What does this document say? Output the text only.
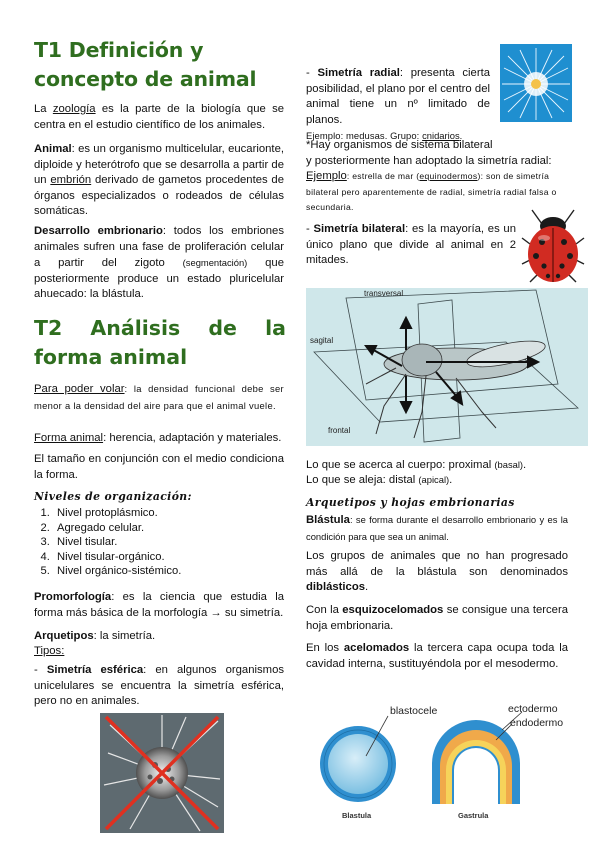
T1 Definición y concepto de animal

La zoología es la parte de la biología que se centra en el estudio científico de los animales.

Animal: es un organismo multicelular, eucarionte, diploide y heterótrofo que se desarrolla a partir de un embrión derivado de gametos procedentes de órganos especializados o rodeados de células somáticas.

Desarrollo embrionario: todos los embriones animales sufren una fase de proliferación celular a partir del zigoto (segmentación) que posteriormente produce un estado pluricelular ahuecado: la blástula.

T2 Análisis de la forma animal

Para poder volar: la densidad funcional debe ser menor a la densidad del aire para que el animal vuele.

Forma animal: herencia, adaptación y materiales.

El tamaño en conjunción con el medio condiciona la forma.

Niveles de organización:
1. Nivel protoplásmico.
2. Agregado celular.
3. Nivel tisular.
4. Nivel tisular-orgánico.
5. Nivel orgánico-sistémico.

Promorfología: es la ciencia que estudia la forma más básica de la morfología → su simetría.

Arquetipos: la simetría.

Tipos:

- Simetría esférica: en algunos organismos unicelulares se encuentra la simetría esférica, pero no en animales.

- Simetría radial: presenta cierta posibilidad, el plano por el centro del animal tiene un nº limitado de planos.
Ejemplo: medusas. Grupo: cnidarios.

*Hay organismos de sistema bilateral
y posteriormente han adoptado la simetría radial:
Ejemplo: estrella de mar (equinodermos): son de simetría bilateral pero aparentemente de radial, simetría radial falsa o secundaria.

- Simetría bilateral: es la mayoría, es un único plano que divide al animal en 2 mitades.

transversal
sagital
frontal

Lo que se acerca al cuerpo: proximal (basal).

Lo que se aleja: distal (apical).

Arquetipos y hojas embrionarias

Blástula: se forma durante el desarrollo embrionario y es la condición para que sea un animal.

Los grupos de animales que no han progresado más allá de la blástula son denominados diblásticos.

Con la esquizocelomados se consigue una tercera hoja embrionaria.

En los acelomados la tercera capa ocupa toda la cavidad interna, sustituyéndola por el mesodermo.

blastocele	ectodermo
endodermo
Blastula	Gastrula
